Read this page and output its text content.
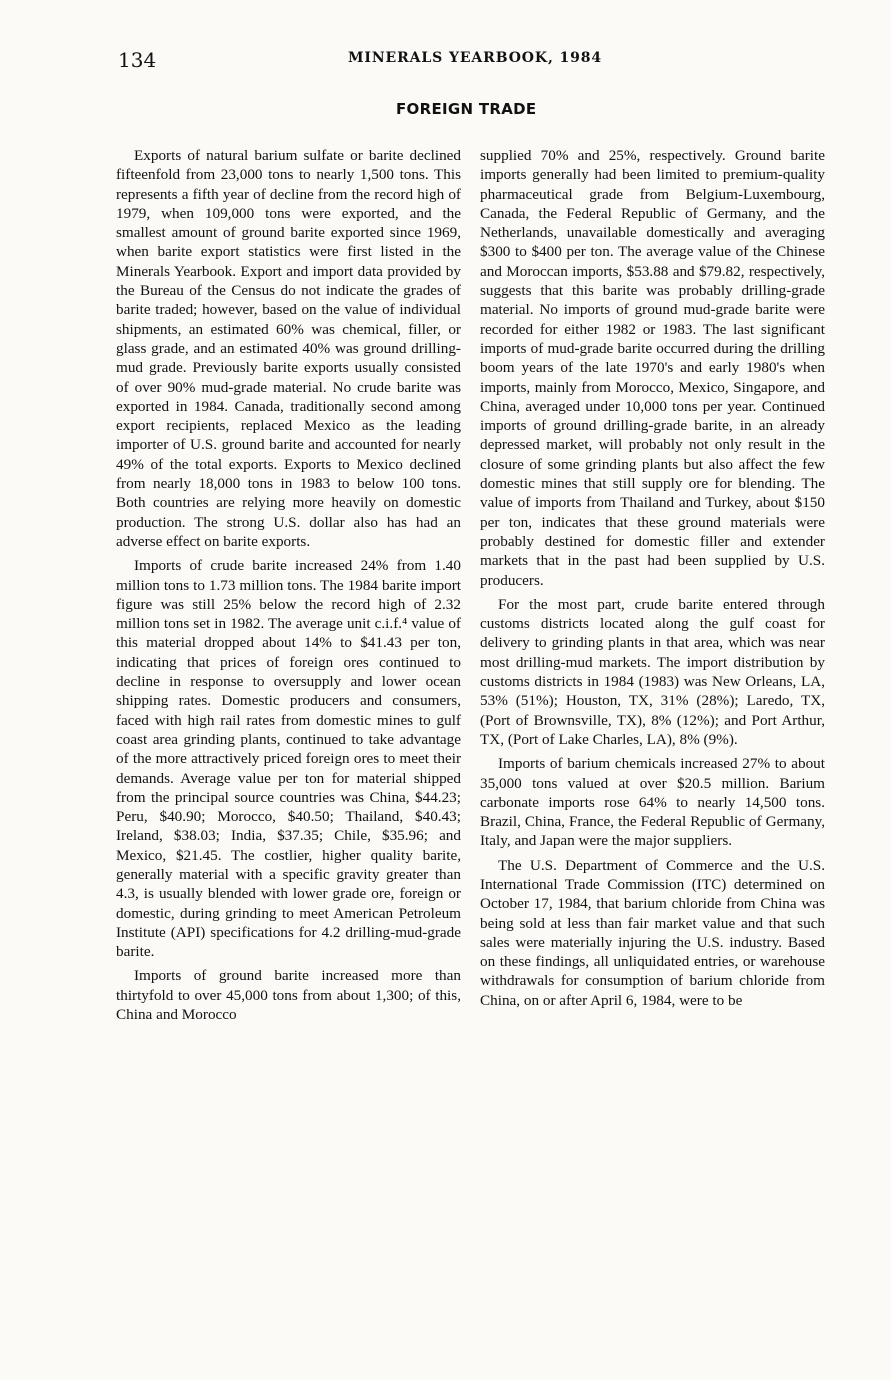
134	MINERALS YEARBOOK, 1984
FOREIGN TRADE

Exports of natural barium sulfate or barite declined fifteenfold from 23,000 tons to nearly 1,500 tons. This represents a fifth year of decline from the record high of 1979, when 109,000 tons were exported, and the smallest amount of ground barite exported since 1969, when barite export statistics were first listed in the Minerals Yearbook. Export and import data provided by the Bureau of the Census do not indicate the grades of barite traded; however, based on the value of individual shipments, an estimated 60% was chemical, filler, or glass grade, and an estimated 40% was ground drilling-mud grade. Previously barite exports usually consisted of over 90% mud-grade material. No crude barite was exported in 1984. Canada, traditionally second among export recipients, replaced Mexico as the leading importer of U.S. ground barite and accounted for nearly 49% of the total exports. Exports to Mexico declined from nearly 18,000 tons in 1983 to below 100 tons. Both countries are relying more heavily on domestic production. The strong U.S. dollar also has had an adverse effect on barite exports.

Imports of crude barite increased 24% from 1.40 million tons to 1.73 million tons. The 1984 barite import figure was still 25% below the record high of 2.32 million tons set in 1982. The average unit c.i.f.⁴ value of this material dropped about 14% to $41.43 per ton, indicating that prices of foreign ores continued to decline in response to oversupply and lower ocean shipping rates. Domestic producers and consumers, faced with high rail rates from domestic mines to gulf coast area grinding plants, continued to take advantage of the more attractively priced foreign ores to meet their demands. Average value per ton for material shipped from the principal source countries was China, $44.23; Peru, $40.90; Morocco, $40.50; Thailand, $40.43; Ireland, $38.03; India, $37.35; Chile, $35.96; and Mexico, $21.45. The costlier, higher quality barite, generally material with a specific gravity greater than 4.3, is usually blended with lower grade ore, foreign or domestic, during grinding to meet American Petroleum Institute (API) specifications for 4.2 drilling-mud-grade barite.

Imports of ground barite increased more than thirtyfold to over 45,000 tons from about 1,300; of this, China and Morocco

supplied 70% and 25%, respectively. Ground barite imports generally had been limited to premium-quality pharmaceutical grade from Belgium-Luxembourg, Canada, the Federal Republic of Germany, and the Netherlands, unavailable domestically and averaging $300 to $400 per ton. The average value of the Chinese and Moroccan imports, $53.88 and $79.82, respectively, suggests that this barite was probably drilling-grade material. No imports of ground mud-grade barite were recorded for either 1982 or 1983. The last significant imports of mud-grade barite occurred during the drilling boom years of the late 1970's and early 1980's when imports, mainly from Morocco, Mexico, Singapore, and China, averaged under 10,000 tons per year. Continued imports of ground drilling-grade barite, in an already depressed market, will probably not only result in the closure of some grinding plants but also affect the few domestic mines that still supply ore for blending. The value of imports from Thailand and Turkey, about $150 per ton, indicates that these ground materials were probably destined for domestic filler and extender markets that in the past had been supplied by U.S. producers.

For the most part, crude barite entered through customs districts located along the gulf coast for delivery to grinding plants in that area, which was near most drilling-mud markets. The import distribution by customs districts in 1984 (1983) was New Orleans, LA, 53% (51%); Houston, TX, 31% (28%); Laredo, TX, (Port of Brownsville, TX), 8% (12%); and Port Arthur, TX, (Port of Lake Charles, LA), 8% (9%).

Imports of barium chemicals increased 27% to about 35,000 tons valued at over $20.5 million. Barium carbonate imports rose 64% to nearly 14,500 tons. Brazil, China, France, the Federal Republic of Germany, Italy, and Japan were the major suppliers.

The U.S. Department of Commerce and the U.S. International Trade Commission (ITC) determined on October 17, 1984, that barium chloride from China was being sold at less than fair market value and that such sales were materially injuring the U.S. industry. Based on these findings, all unliquidated entries, or warehouse withdrawals for consumption of barium chloride from China, on or after April 6, 1984, were to be
